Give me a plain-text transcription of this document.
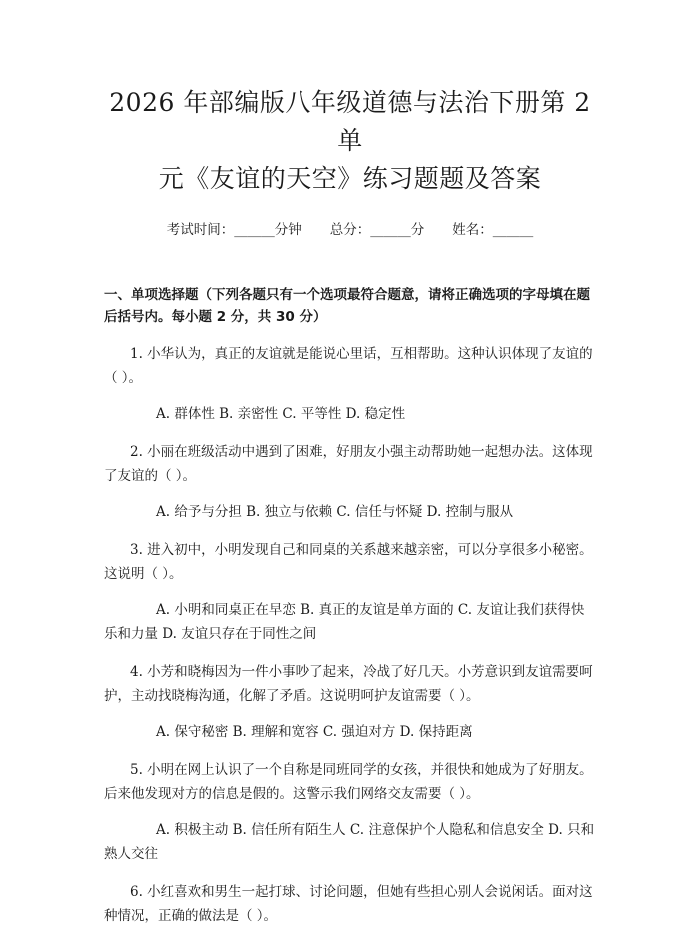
2026 年部编版八年级道德与法治下册第 2 单
元《友谊的天空》练习题题及答案
考试时间：______分钟 总分：______分 姓名：______
一、单项选择题（下列各题只有一个选项最符合题意，请将正确选项的字母填在题后括号内。每小题 2 分，共 30 分）
1. 小华认为，真正的友谊就是能说心里话，互相帮助。这种认识体现了友谊的（ ）。
A. 群体性 B. 亲密性 C. 平等性 D. 稳定性
2. 小丽在班级活动中遇到了困难，好朋友小强主动帮助她一起想办法。这体现了友谊的（ ）。
A. 给予与分担 B. 独立与依赖 C. 信任与怀疑 D. 控制与服从
3. 进入初中，小明发现自己和同桌的关系越来越亲密，可以分享很多小秘密。这说明（ ）。
A. 小明和同桌正在早恋 B. 真正的友谊是单方面的 C. 友谊让我们获得快乐和力量 D. 友谊只存在于同性之间
4. 小芳和晓梅因为一件小事吵了起来，冷战了好几天。小芳意识到友谊需要呵护，主动找晓梅沟通，化解了矛盾。这说明呵护友谊需要（ ）。
A. 保守秘密 B. 理解和宽容 C. 强迫对方 D. 保持距离
5. 小明在网上认识了一个自称是同班同学的女孩，并很快和她成为了好朋友。后来他发现对方的信息是假的。这警示我们网络交友需要（ ）。
A. 积极主动 B. 信任所有陌生人 C. 注意保护个人隐私和信息安全 D. 只和熟人交往
6. 小红喜欢和男生一起打球、讨论问题，但她有些担心别人会说闲话。面对这种情况，正确的做法是（ ）。
